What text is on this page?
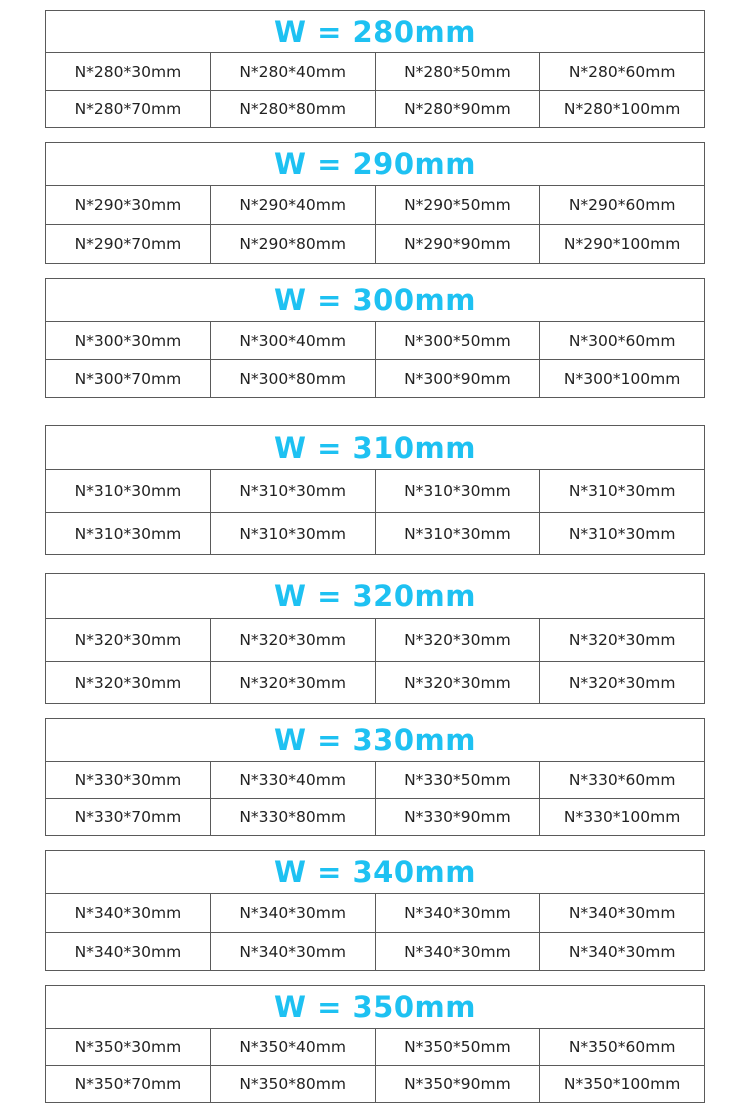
W = 280mm
N*280*30mm	N*280*40mm	N*280*50mm	N*280*60mm
N*280*70mm	N*280*80mm	N*280*90mm	N*280*100mm
W = 290mm
N*290*30mm	N*290*40mm	N*290*50mm	N*290*60mm
N*290*70mm	N*290*80mm	N*290*90mm	N*290*100mm
W = 300mm
N*300*30mm	N*300*40mm	N*300*50mm	N*300*60mm
N*300*70mm	N*300*80mm	N*300*90mm	N*300*100mm
W = 310mm
N*310*30mm	N*310*30mm	N*310*30mm	N*310*30mm
N*310*30mm	N*310*30mm	N*310*30mm	N*310*30mm
W = 320mm
N*320*30mm	N*320*30mm	N*320*30mm	N*320*30mm
N*320*30mm	N*320*30mm	N*320*30mm	N*320*30mm
W = 330mm
N*330*30mm	N*330*40mm	N*330*50mm	N*330*60mm
N*330*70mm	N*330*80mm	N*330*90mm	N*330*100mm
W = 340mm
N*340*30mm	N*340*30mm	N*340*30mm	N*340*30mm
N*340*30mm	N*340*30mm	N*340*30mm	N*340*30mm
W = 350mm
N*350*30mm	N*350*40mm	N*350*50mm	N*350*60mm
N*350*70mm	N*350*80mm	N*350*90mm	N*350*100mm
